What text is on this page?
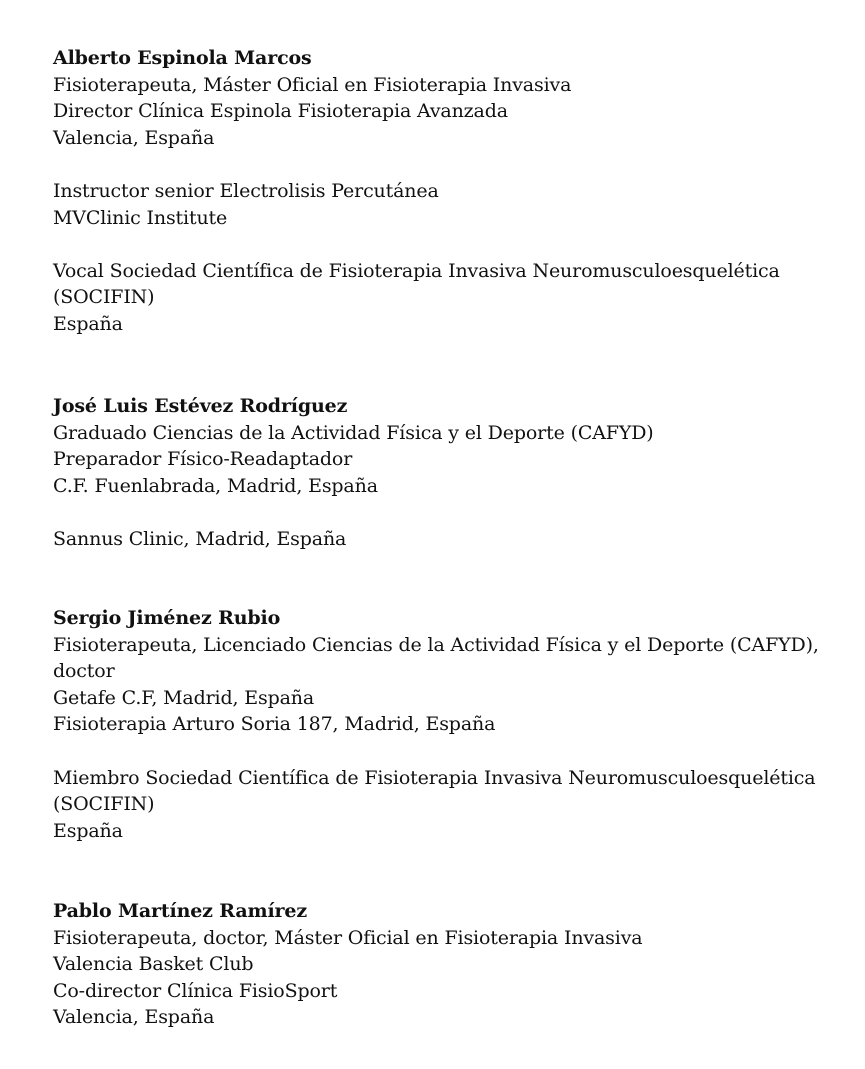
Alberto Espinola Marcos
Fisioterapeuta, Máster Oficial en Fisioterapia Invasiva
Director Clínica Espinola Fisioterapia Avanzada
Valencia, España
Instructor senior Electrolisis Percutánea
MVClinic Institute
Vocal Sociedad Científica de Fisioterapia Invasiva Neuromusculoesquelética
(SOCIFIN)
España
José Luis Estévez Rodríguez
Graduado Ciencias de la Actividad Física y el Deporte (CAFYD)
Preparador Físico-Readaptador
C.F. Fuenlabrada, Madrid, España
Sannus Clinic, Madrid, España
Sergio Jiménez Rubio
Fisioterapeuta, Licenciado Ciencias de la Actividad Física y el Deporte (CAFYD),
doctor
Getafe C.F, Madrid, España
Fisioterapia Arturo Soria 187, Madrid, España
Miembro Sociedad Científica de Fisioterapia Invasiva Neuromusculoesquelética
(SOCIFIN)
España
Pablo Martínez Ramírez
Fisioterapeuta, doctor, Máster Oficial en Fisioterapia Invasiva
Valencia Basket Club
Co-director Clínica FisioSport
Valencia, España
